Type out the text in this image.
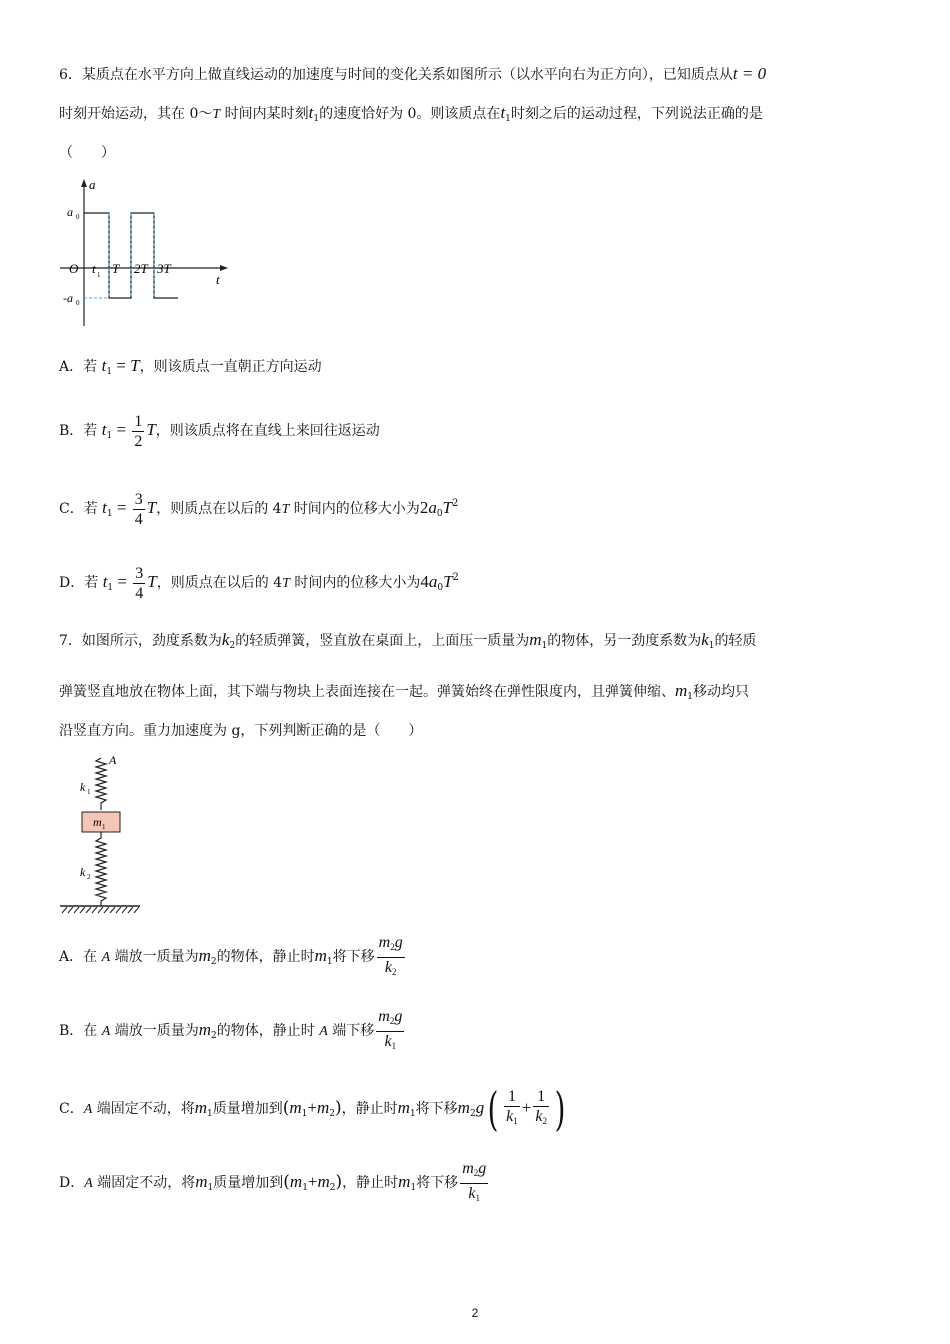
6．某质点在水平方向上做直线运动的加速度与时间的变化关系如图所示（以水平向右为正方向），已知质点从t = 0
时刻开始运动，其在 0～T 时间内某时刻$t_1$的速度恰好为 0。则该质点在$t_1$时刻之后的运动过程，下列说法正确的是
（　　）
a
t
O
a 0
-a 0
t 1 T 2T 3T
A．若 $t_1 = T$，则该质点一直朝正方向运动
B．若 $t_1 = \frac{1}{2}$ T，则该质点将在直线上来回往返运动
C．若 $t_1 = \frac{3}{4}$ T，则质点在以后的 4T 时间内的位移大小为$2a_0T^2$
D．若 $t_1 = \frac{3}{4}$ T，则质点在以后的 4T 时间内的位移大小为$4a_0T^2$
7．如图所示，劲度系数为$k_2$的轻质弹簧，竖直放在桌面上，上面压一质量为$m_1$的物体，另一劲度系数为$k_1$的轻质
弹簧竖直地放在物体上面，其下端与物块上表面连接在一起。弹簧始终在弹性限度内，且弹簧伸缩、$m_1$移动均只
沿竖直方向。重力加速度为 g，下列判断正确的是（　　）
A
k 1
m 1
k 2
A．在 A 端放一质量为$m_2$的物体，静止时$m_1$将下移 $\frac{m_2g}{k_2}$
B．在 A 端放一质量为$m_2$的物体，静止时 A 端下移 $\frac{m_2g}{k_1}$
C．A 端固定不动，将$m_1$质量增加到$(m_1+m_2)$，静止时$m_1$将下移$m_2g( \frac{1}{k_1} + \frac{1}{k_2}$ )
D．A 端固定不动，将$m_1$质量增加到$(m_1+m_2)$，静止时$m_1$将下移 $\frac{m_2g}{k_1}$
2
